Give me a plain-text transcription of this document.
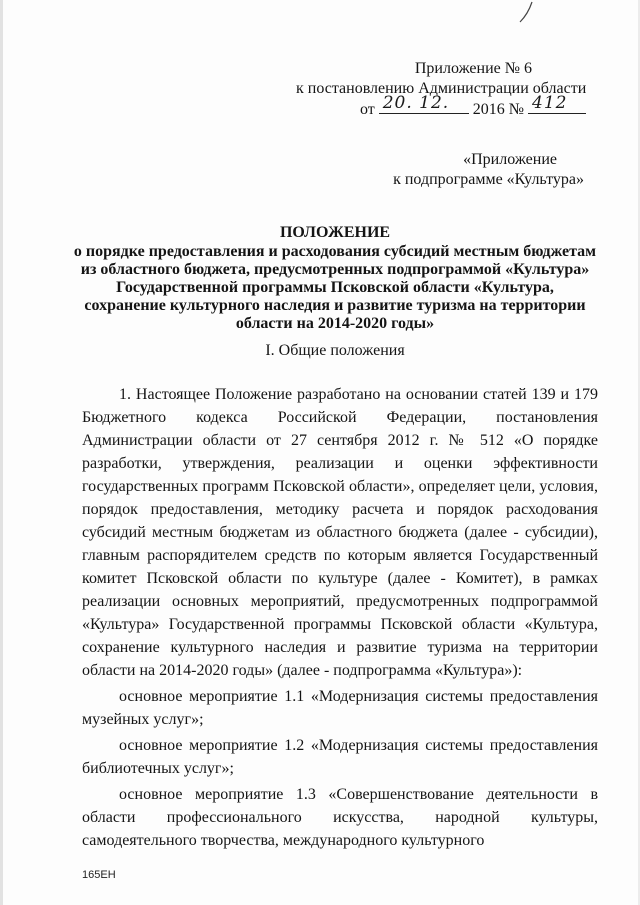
Приложение № 6
к постановлению Администрации области
от 20. 12. 2016 № 412
«Приложение
к подпрограмме «Культура»
ПОЛОЖЕНИЕ
о порядке предоставления и расходования субсидий местным бюджетам
из областного бюджета, предусмотренных подпрограммой «Культура»
Государственной программы Псковской области «Культура,
сохранение культурного наследия и развитие туризма на территории
области на 2014-2020 годы»
I. Общие положения

1. Настоящее Положение разработано на основании статей 139 и 179 Бюджетного кодекса Российской Федерации, постановления Администрации области от 27 сентября 2012 г. № 512 «О порядке разработки, утверждения, реализации и оценки эффективности государственных программ Псковской области», определяет цели, условия, порядок предоставления, методику расчета и порядок расходования субсидий местным бюджетам из областного бюджета (далее - субсидии), главным распорядителем средств по которым является Государственный комитет Псковской области по культуре (далее - Комитет), в рамках реализации основных мероприятий, предусмотренных подпрограммой «Культура» Государственной программы Псковской области «Культура, сохранение культурного наследия и развитие туризма на территории области на 2014-2020 годы» (далее - подпрограмма «Культура»):

основное мероприятие 1.1 «Модернизация системы предоставления музейных услуг»;

основное мероприятие 1.2 «Модернизация системы предоставления библиотечных услуг»;

основное мероприятие 1.3 «Совершенствование деятельности в области профессионального искусства, народной культуры, самодеятельного творчества, международного культурного

165ЕН
